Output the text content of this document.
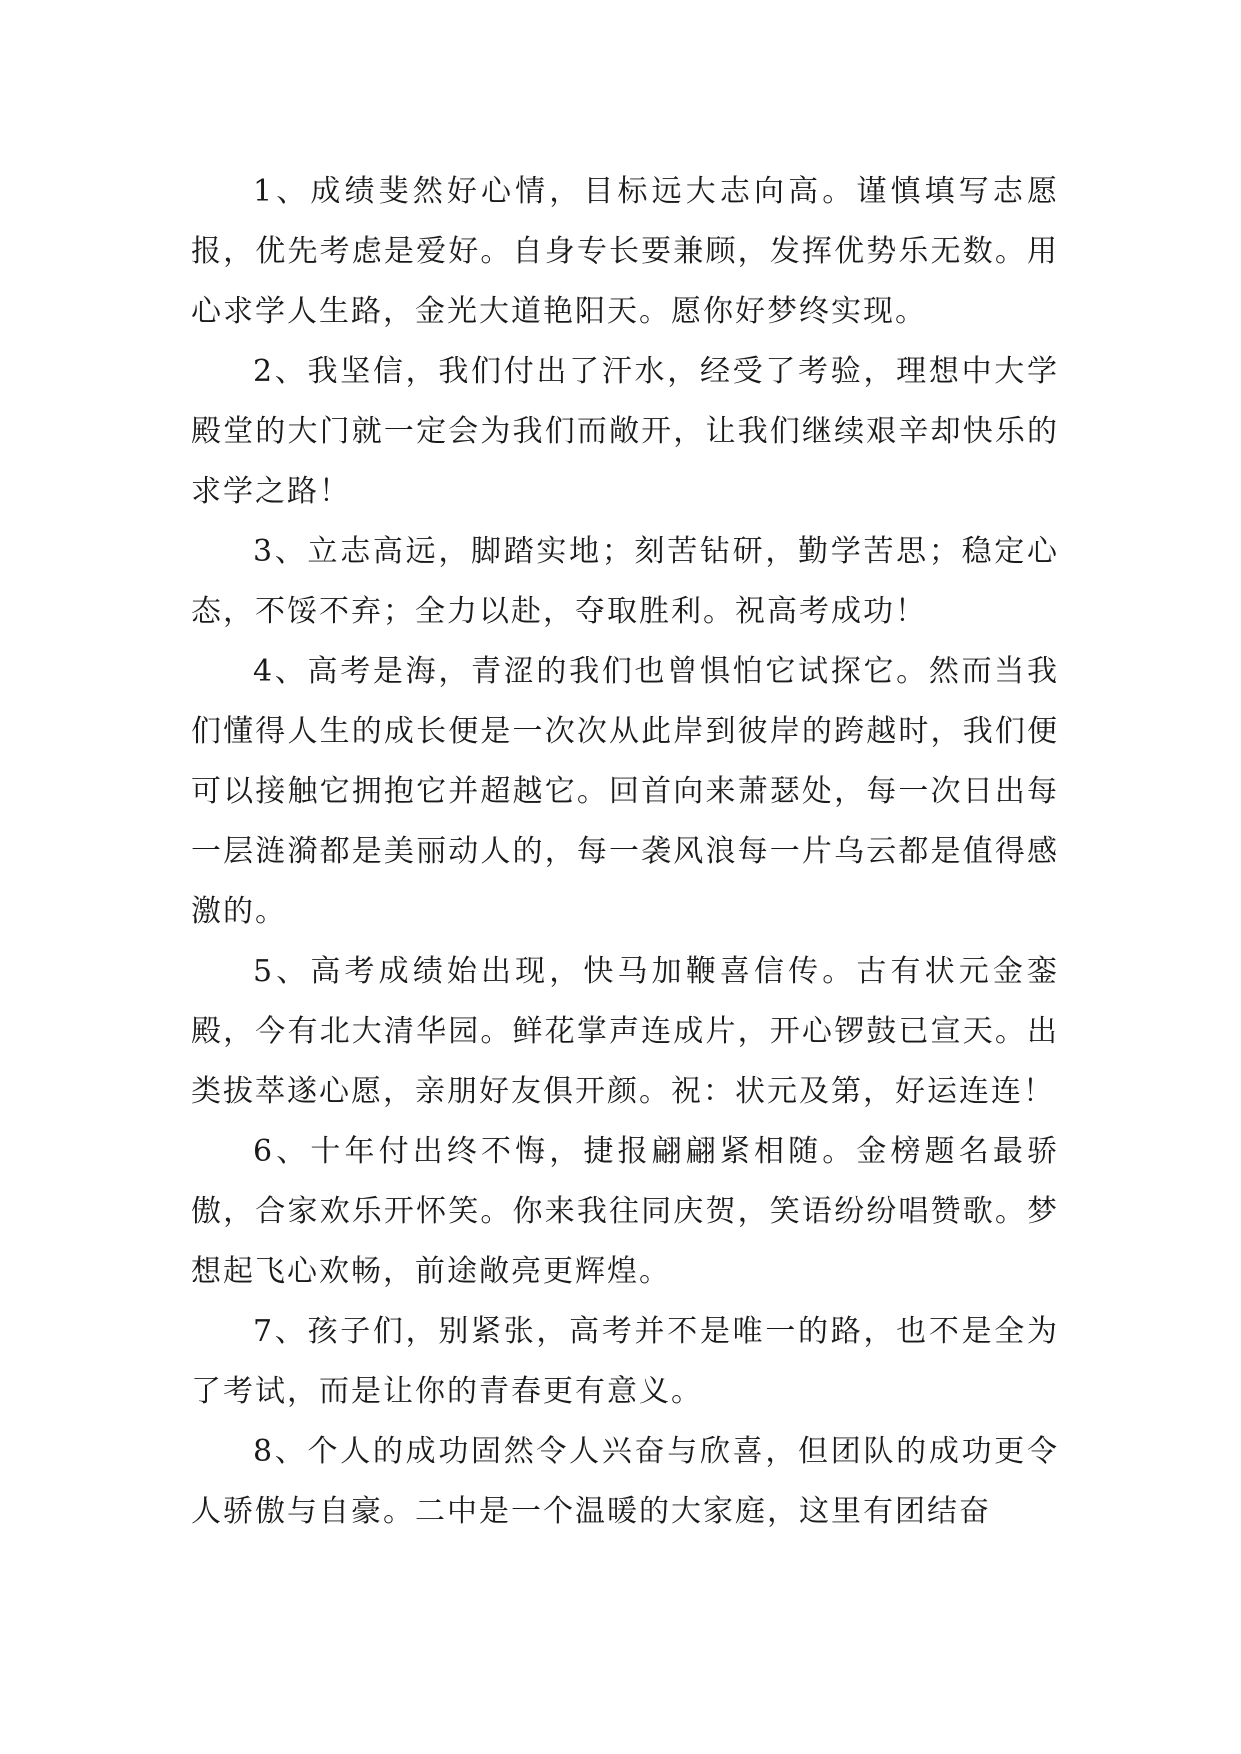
1、成绩斐然好心情，目标远大志向高。谨慎填写志愿报，优先考虑是爱好。自身专长要兼顾，发挥优势乐无数。用心求学人生路，金光大道艳阳天。愿你好梦终实现。

2、我坚信，我们付出了汗水，经受了考验，理想中大学殿堂的大门就一定会为我们而敞开，让我们继续艰辛却快乐的求学之路！

3、立志高远，脚踏实地；刻苦钻研，勤学苦思；稳定心态，不馁不弃；全力以赴，夺取胜利。祝高考成功！

4、高考是海，青涩的我们也曾惧怕它试探它。然而当我们懂得人生的成长便是一次次从此岸到彼岸的跨越时，我们便可以接触它拥抱它并超越它。回首向来萧瑟处，每一次日出每一层涟漪都是美丽动人的，每一袭风浪每一片乌云都是值得感激的。

5、高考成绩始出现，快马加鞭喜信传。古有状元金銮殿，今有北大清华园。鲜花掌声连成片，开心锣鼓已宣天。出类拔萃遂心愿，亲朋好友俱开颜。祝：状元及第，好运连连！

6、十年付出终不悔，捷报翩翩紧相随。金榜题名最骄傲，合家欢乐开怀笑。你来我往同庆贺，笑语纷纷唱赞歌。梦想起飞心欢畅，前途敞亮更辉煌。

7、孩子们，别紧张，高考并不是唯一的路，也不是全为了考试，而是让你的青春更有意义。

8、个人的成功固然令人兴奋与欣喜，但团队的成功更令人骄傲与自豪。二中是一个温暖的大家庭，这里有团结奋
